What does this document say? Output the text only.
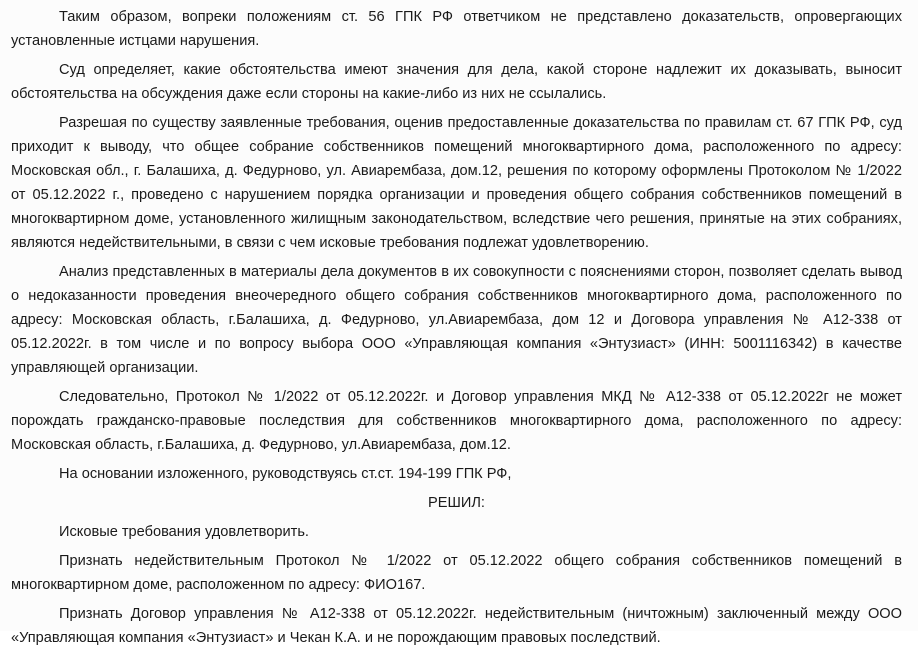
Таким образом, вопреки положениям ст. 56 ГПК РФ ответчиком не представлено доказательств, опровергающих установленные истцами нарушения.

Суд определяет, какие обстоятельства имеют значения для дела, какой стороне надлежит их доказывать, выносит обстоятельства на обсуждения даже если стороны на какие-либо из них не ссылались.

Разрешая по существу заявленные требования, оценив предоставленные доказательства по правилам ст. 67 ГПК РФ, суд приходит к выводу, что общее собрание собственников помещений многоквартирного дома, расположенного по адресу: Московская обл., г. Балашиха, д. Федурново, ул. Авиарембаза, дом.12, решения по которому оформлены Протоколом № 1/2022 от 05.12.2022 г., проведено с нарушением порядка организации и проведения общего собрания собственников помещений в многоквартирном доме, установленного жилищным законодательством, вследствие чего решения, принятые на этих собраниях, являются недействительными, в связи с чем исковые требования подлежат удовлетворению.

Анализ представленных в материалы дела документов в их совокупности с пояснениями сторон, позволяет сделать вывод о недоказанности проведения внеочередного общего собрания собственников многоквартирного дома, расположенного по адресу: Московская область, г.Балашиха, д. Федурново, ул.Авиарембаза, дом 12 и Договора управления № А12-338 от 05.12.2022г. в том числе и по вопросу выбора ООО «Управляющая компания «Энтузиаст» (ИНН: 5001116342) в качестве управляющей организации.

Следовательно, Протокол № 1/2022 от 05.12.2022г. и Договор управления МКД № А12-338 от 05.12.2022г не может порождать гражданско-правовые последствия для собственников многоквартирного дома, расположенного по адресу: Московская область, г.Балашиха, д. Федурново, ул.Авиарембаза, дом.12.

На основании изложенного, руководствуясь ст.ст. 194-199 ГПК РФ,

РЕШИЛ:

Исковые требования удовлетворить.

Признать недействительным Протокол № 1/2022 от 05.12.2022 общего собрания собственников помещений в многоквартирном доме, расположенном по адресу: ФИО167.

Признать Договор управления № А12-338 от 05.12.2022г. недействительным (ничтожным) заключенный между ООО «Управляющая компания «Энтузиаст» и Чекан К.А. и не порождающим правовых последствий.
